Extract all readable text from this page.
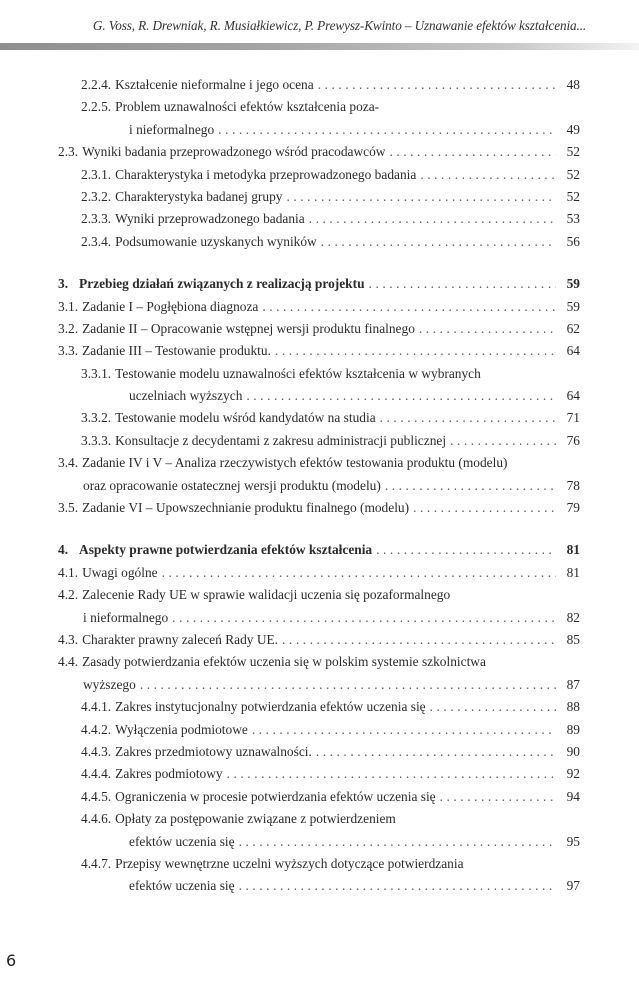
G. Voss, R. Drewniak, R. Musiałkiewicz, P. Prewysz-Kwinto – Uznawanie efektów kształcenia...
2.2.4. Kształcenie nieformalne i jego ocena . . .	48
2.2.5. Problem uznawalności efektów kształcenia poza-
i nieformalnego . . .	49
2.3. Wyniki badania przeprowadzonego wśród pracodawców . . .	52
2.3.1. Charakterystyka i metodyka przeprowadzonego badania . . .	52
2.3.2. Charakterystyka badanej grupy . . .	52
2.3.3. Wyniki przeprowadzonego badania . . .	53
2.3.4. Podsumowanie uzyskanych wyników . . .	56
3. Przebieg działań związanych z realizacją projektu . . .	59
3.1. Zadanie I – Pogłębiona diagnoza . . .	59
3.2. Zadanie II – Opracowanie wstępnej wersji produktu finalnego . . .	62
3.3. Zadanie III – Testowanie produktu. . . .	64
3.3.1. Testowanie modelu uznawalności efektów kształcenia w wybranych
uczelniach wyższych . . .	64
3.3.2. Testowanie modelu wśród kandydatów na studia . . .	71
3.3.3. Konsultacje z decydentami z zakresu administracji publicznej . . .	76
3.4. Zadanie IV i V – Analiza rzeczywistych efektów testowania produktu (modelu)
oraz opracowanie ostatecznej wersji produktu (modelu) . . .	78
3.5. Zadanie VI – Upowszechnianie produktu finalnego (modelu) . . .	79
4. Aspekty prawne potwierdzania efektów kształcenia . . .	81
4.1. Uwagi ogólne . . .	81
4.2. Zalecenie Rady UE w sprawie walidacji uczenia się pozaformalnego
i nieformalnego . . .	82
4.3. Charakter prawny zaleceń Rady UE. . . .	85
4.4. Zasady potwierdzania efektów uczenia się w polskim systemie szkolnictwa
wyższego . . .	87
4.4.1. Zakres instytucjonalny potwierdzania efektów uczenia się . . .	88
4.4.2. Wyłączenia podmiotowe . . .	89
4.4.3. Zakres przedmiotowy uznawalności. . . .	90
4.4.4. Zakres podmiotowy . . .	92
4.4.5. Ograniczenia w procesie potwierdzania efektów uczenia się . . .	94
4.4.6. Opłaty za postępowanie związane z potwierdzeniem
efektów uczenia się . . .	95
4.4.7. Przepisy wewnętrzne uczelni wyższych dotyczące potwierdzania
efektów uczenia się . . .	97
6
